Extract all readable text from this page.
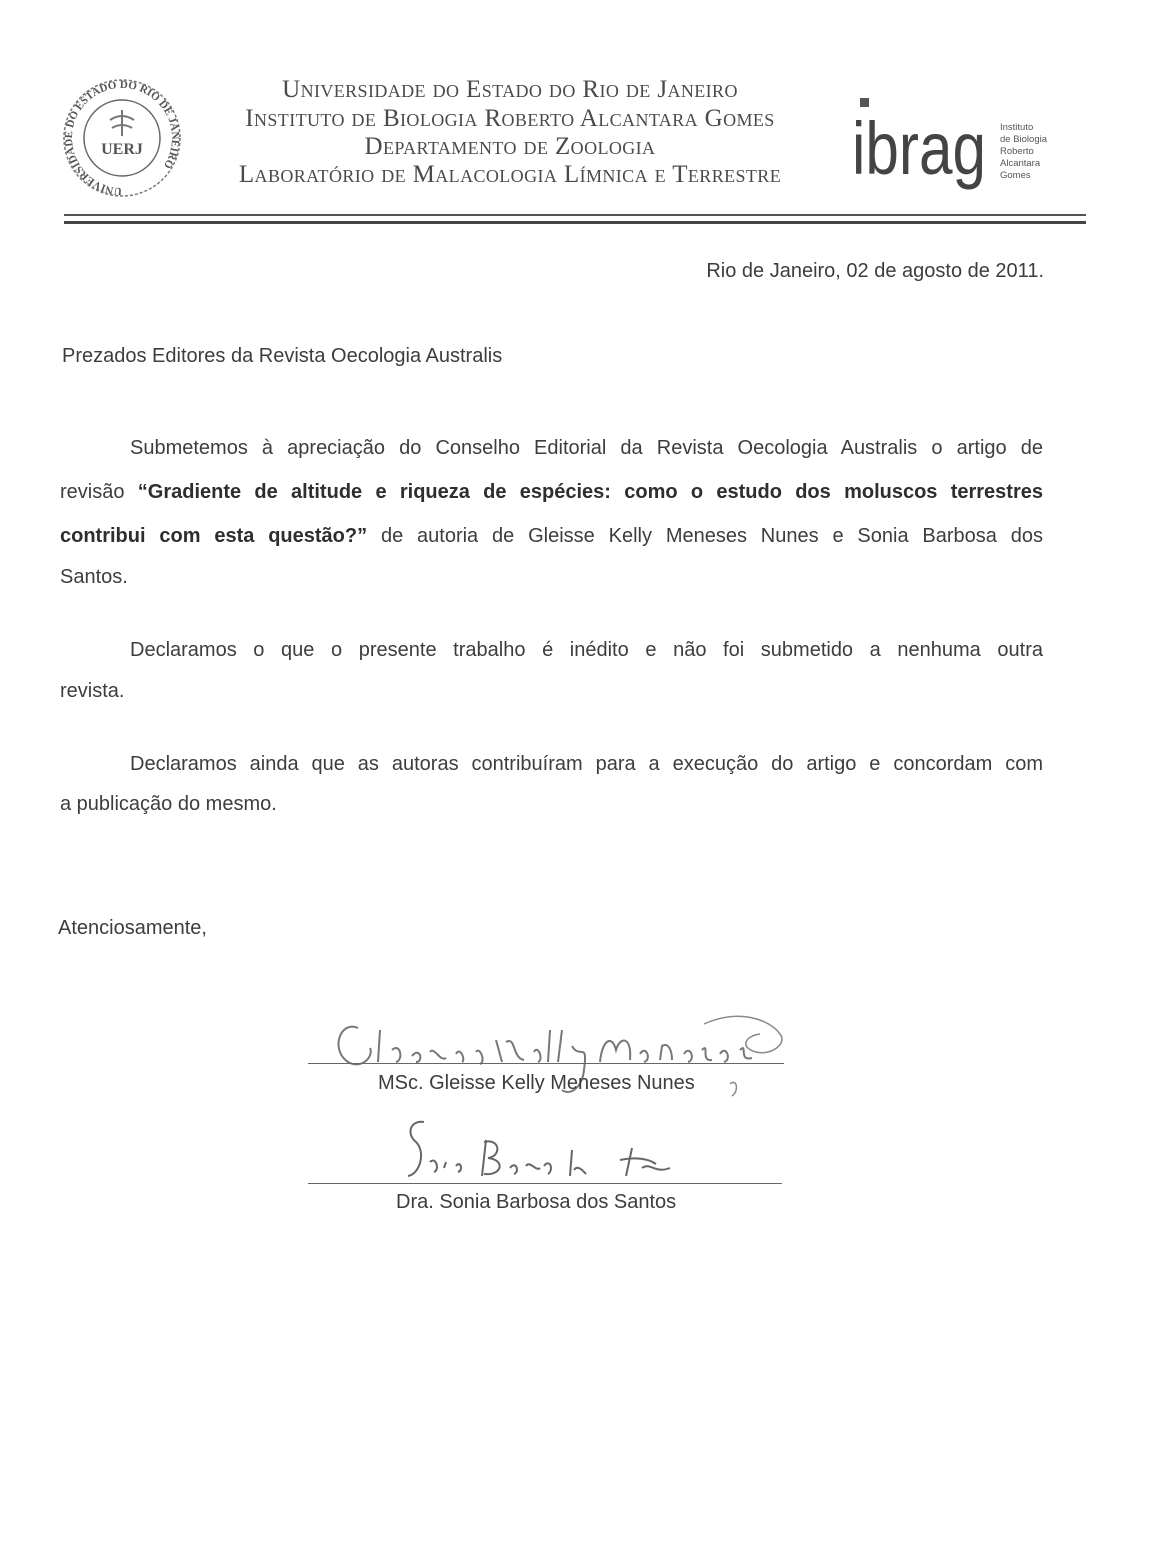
UNIVERSIDADE DO ESTADO DO RIO DE JANEIRO
UERJ
Universidade do Estado do Rio de Janeiro
Instituto de Biologia Roberto Alcantara Gomes
Departamento de Zoologia
Laboratório de Malacologia Límnica e Terrestre ibrag Instituto
de Biologia
Roberto
Alcantara
Gomes
Rio de Janeiro, 02 de agosto de 2011.
Prezados Editores da Revista Oecologia Australis
Submetemos à apreciação do Conselho Editorial da Revista Oecologia Australis o artigo de
revisão “Gradiente de altitude e riqueza de espécies: como o estudo dos moluscos terrestres
contribui com esta questão?” de autoria de Gleisse Kelly Meneses Nunes e Sonia Barbosa dos
Santos.
Declaramos o que o presente trabalho é inédito e não foi submetido a nenhuma outra
revista.
Declaramos ainda que as autoras contribuíram para a execução do artigo e concordam com
a publicação do mesmo.
Atenciosamente,
MSc. Gleisse Kelly Meneses Nunes
Dra. Sonia Barbosa dos Santos
